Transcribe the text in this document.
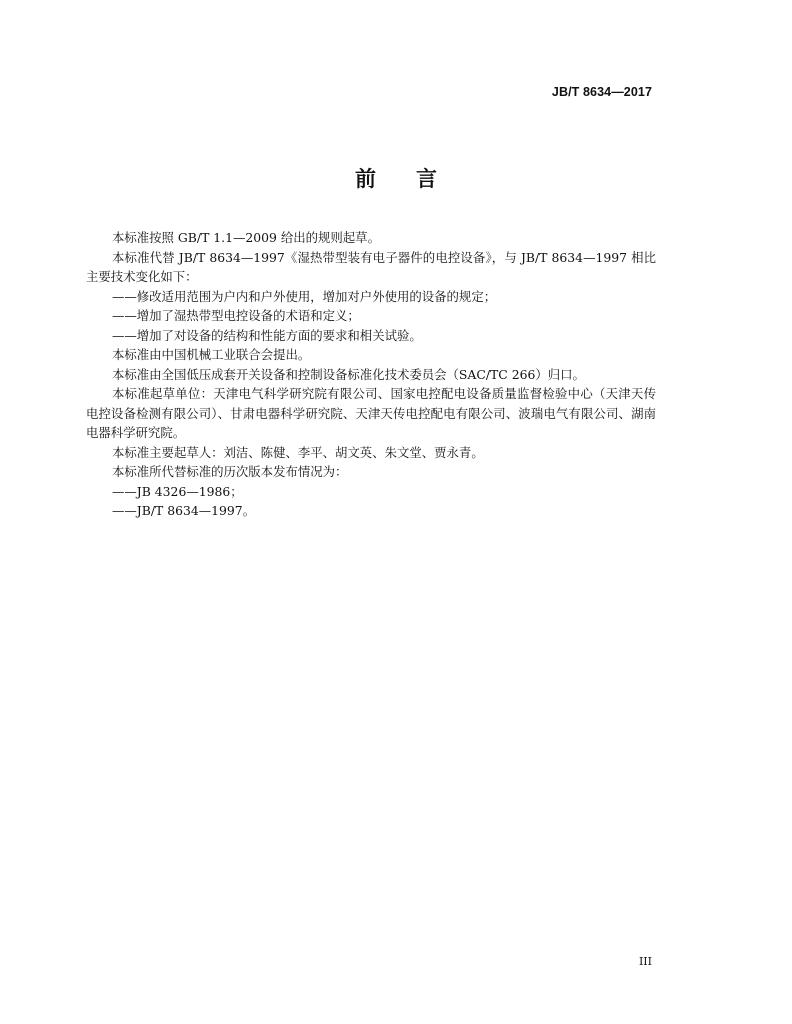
JB/T 8634—2017
前言

本标准按照 GB/T 1.1—2009 给出的规则起草。

本标准代替 JB/T 8634—1997《湿热带型装有电子器件的电控设备》，与 JB/T 8634—1997 相比主要技术变化如下：

——修改适用范围为户内和户外使用，增加对户外使用的设备的规定；

——增加了湿热带型电控设备的术语和定义；

——增加了对设备的结构和性能方面的要求和相关试验。

本标准由中国机械工业联合会提出。

本标准由全国低压成套开关设备和控制设备标准化技术委员会（SAC/TC 266）归口。

本标准起草单位：天津电气科学研究院有限公司、国家电控配电设备质量监督检验中心（天津天传电控设备检测有限公司）、甘肃电器科学研究院、天津天传电控配电有限公司、波瑞电气有限公司、湖南电器科学研究院。

本标准主要起草人：刘洁、陈健、李平、胡文英、朱文堂、贾永青。

本标准所代替标准的历次版本发布情况为：

——JB 4326—1986；

——JB/T 8634—1997。

III
